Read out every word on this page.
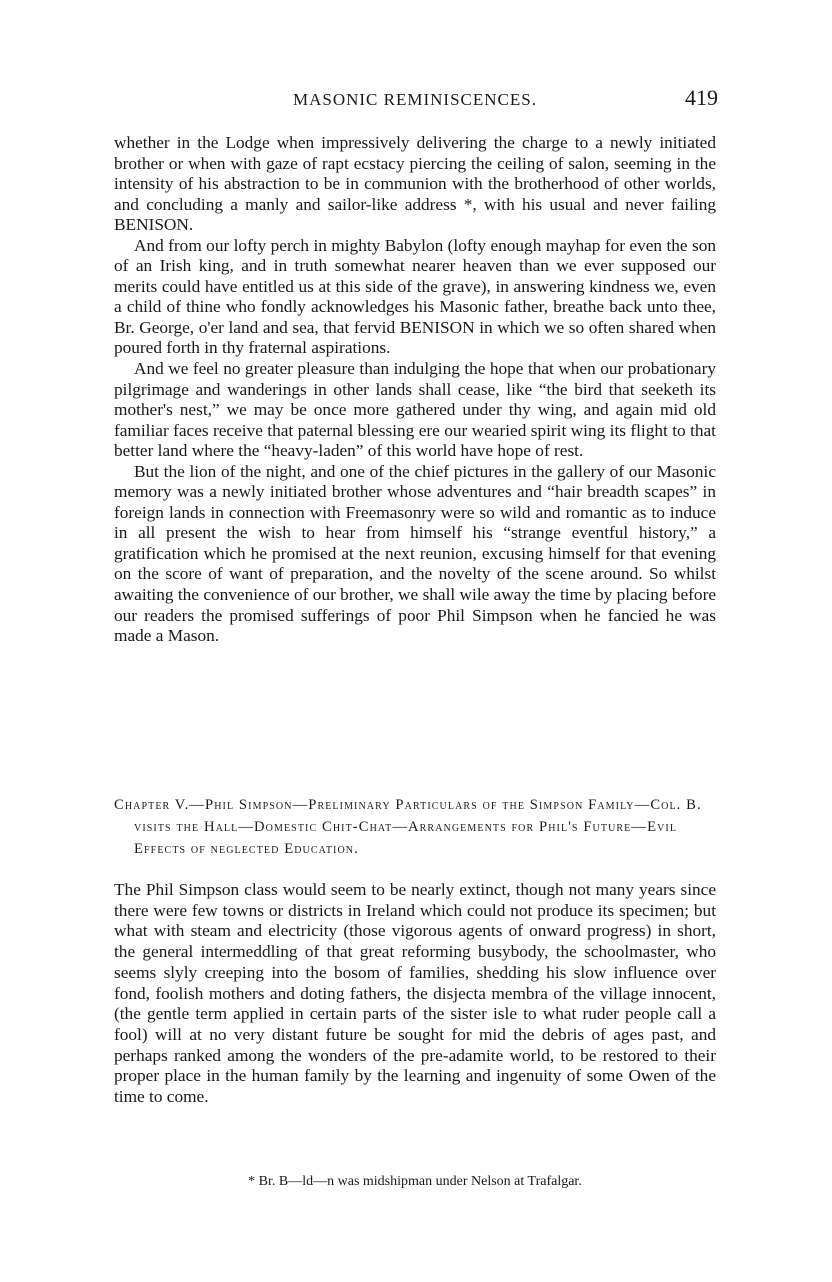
MASONIC REMINISCENCES.	419

whether in the Lodge when impressively delivering the charge to a newly initiated brother or when with gaze of rapt ecstacy piercing the ceiling of salon, seeming in the intensity of his abstraction to be in communion with the brotherhood of other worlds, and concluding a manly and sailor-like address *, with his usual and never failing BENISON.

And from our lofty perch in mighty Babylon (lofty enough mayhap for even the son of an Irish king, and in truth somewhat nearer heaven than we ever supposed our merits could have entitled us at this side of the grave), in answering kindness we, even a child of thine who fondly acknowledges his Masonic father, breathe back unto thee, Br. George, o'er land and sea, that fervid BENISON in which we so often shared when poured forth in thy fraternal aspirations.

And we feel no greater pleasure than indulging the hope that when our probationary pilgrimage and wanderings in other lands shall cease, like “the bird that seeketh its mother's nest,” we may be once more gathered under thy wing, and again mid old familiar faces receive that paternal blessing ere our wearied spirit wing its flight to that better land where the “heavy-laden” of this world have hope of rest.

But the lion of the night, and one of the chief pictures in the gallery of our Masonic memory was a newly initiated brother whose adventures and “hair breadth scapes” in foreign lands in connection with Freemasonry were so wild and romantic as to induce in all present the wish to hear from himself his “strange eventful history,” a gratification which he promised at the next reunion, excusing himself for that evening on the score of want of preparation, and the novelty of the scene around. So whilst awaiting the convenience of our brother, we shall wile away the time by placing before our readers the promised sufferings of poor Phil Simpson when he fancied he was made a Mason.

Chapter V.—Phil Simpson—Preliminary Particulars of the Simpson Family—Col. B. visits the Hall—Domestic Chit-Chat—Arrangements for Phil's Future—Evil Effects of neglected Education.

The Phil Simpson class would seem to be nearly extinct, though not many years since there were few towns or districts in Ireland which could not produce its specimen; but what with steam and electricity (those vigorous agents of onward progress) in short, the general intermeddling of that great reforming busybody, the schoolmaster, who seems slyly creeping into the bosom of families, shedding his slow influence over fond, foolish mothers and doting fathers, the disjecta membra of the village innocent, (the gentle term applied in certain parts of the sister isle to what ruder people call a fool) will at no very distant future be sought for mid the debris of ages past, and perhaps ranked among the wonders of the pre-adamite world, to be restored to their proper place in the human family by the learning and ingenuity of some Owen of the time to come.

* Br. B—ld—n was midshipman under Nelson at Trafalgar.
